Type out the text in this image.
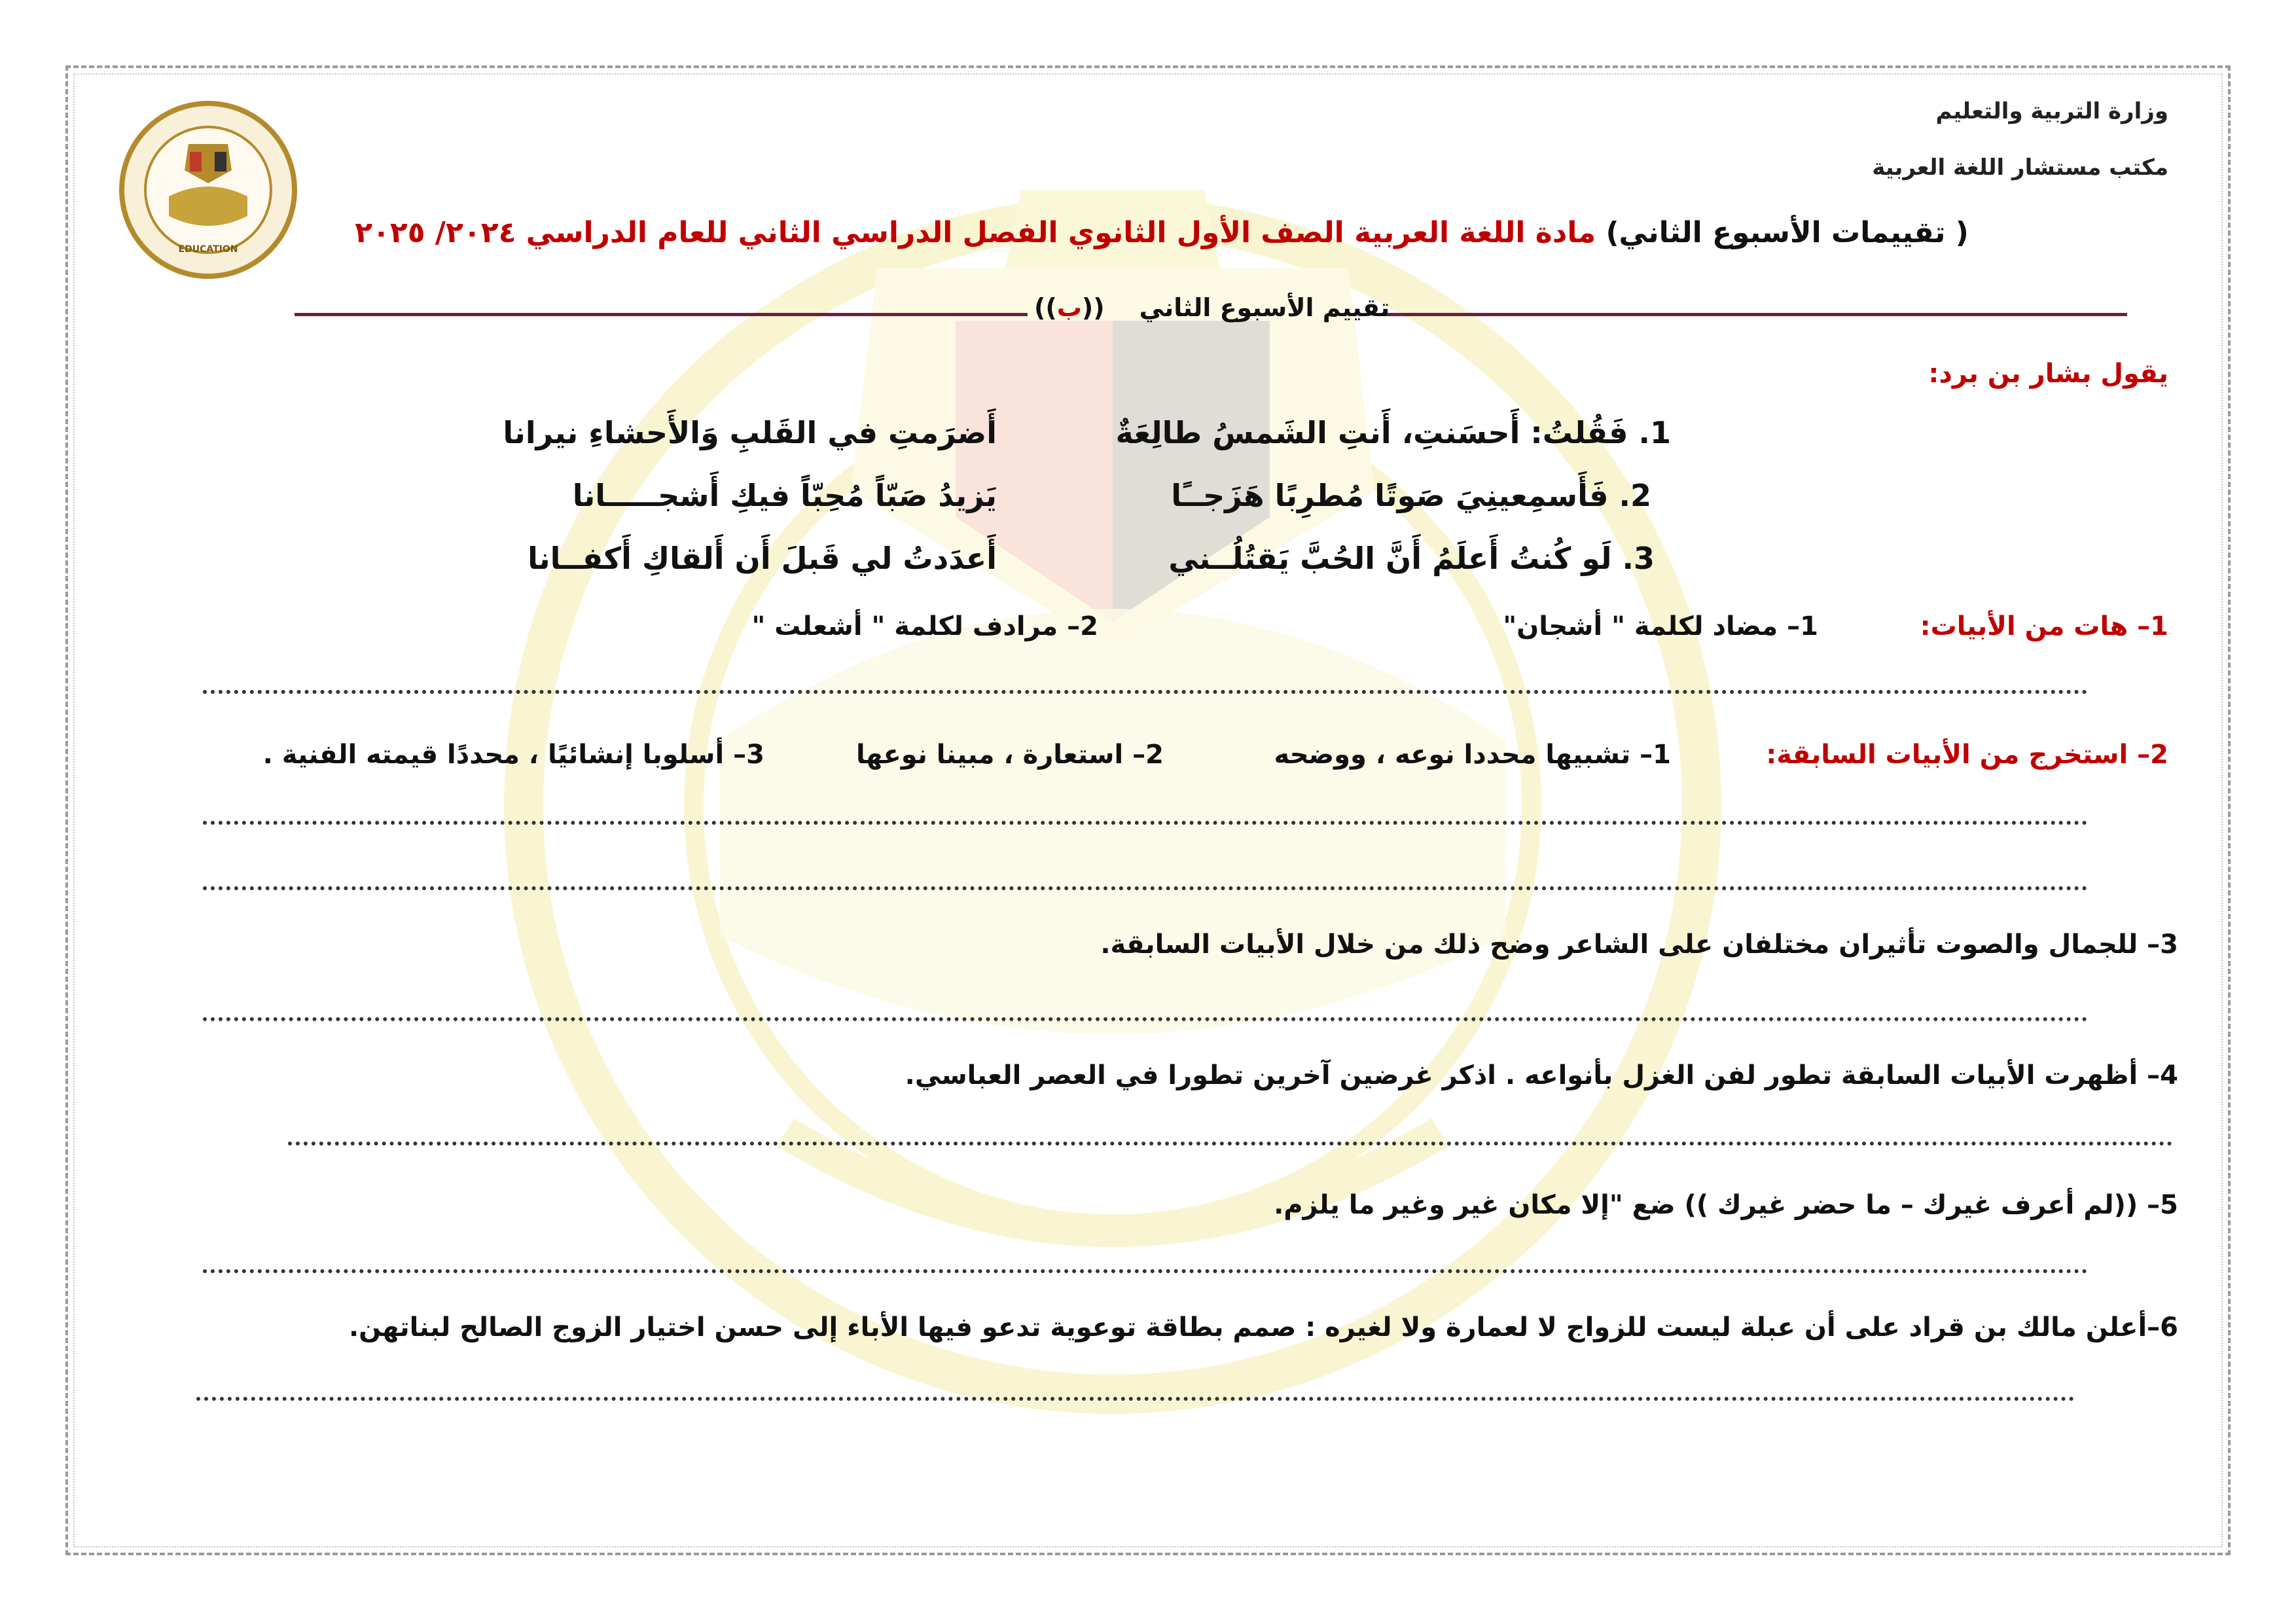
EDUCATION
وزارة التربية والتعليم
مكتب مستشار اللغة العربية
( تقييمات الأسبوع الثاني) مادة اللغة العربية الصف الأول الثانوي الفصل الدراسي الثاني للعام الدراسي ٢٠٢٤/ ٢٠٢٥
تقييم الأسبوع الثاني    ((ب))
يقول بشار بن برد:
1. فَقُلتُ: أَحسَنتِ، أَنتِ الشَمسُ طالِعَةٌ
أَضرَمتِ في القَلبِ وَالأَحشاءِ نيرانا
2. فَأَسمِعينِيَ صَوتًا مُطرِبًا هَزَجــًا
يَزيدُ صَبّاً مُحِبّاً فيكِ أَشجـــــانا
3. لَو كُنتُ أَعلَمُ أَنَّ الحُبَّ يَقتُلُــني
أَعدَدتُ لي قَبلَ أَن أَلقاكِ أَكفــانا
1– هات من الأبيات:
1– مضاد لكلمة " أشجان"
2– مرادف لكلمة " أشعلت "
2– استخرج من الأبيات السابقة:
1– تشبيها محددا نوعه ، ووضحه
2– استعارة ، مبينا نوعها
3– أسلوبا إنشائيًا ، محددًا قيمته الفنية .
3– للجمال والصوت تأثيران مختلفان على الشاعر وضح ذلك من خلال الأبيات السابقة.
4– أظهرت الأبيات السابقة تطور لفن الغزل بأنواعه . اذكر غرضين آخرين تطورا في العصر العباسي.
5– ((لم أعرف غيرك – ما حضر غيرك )) ضع "إلا مكان غير وغير ما يلزم.
6–أعلن مالك بن قراد على أن عبلة ليست للزواج لا لعمارة ولا لغيره : صمم بطاقة توعوية تدعو فيها الأباء إلى حسن اختيار الزوج الصالح لبناتهن.
